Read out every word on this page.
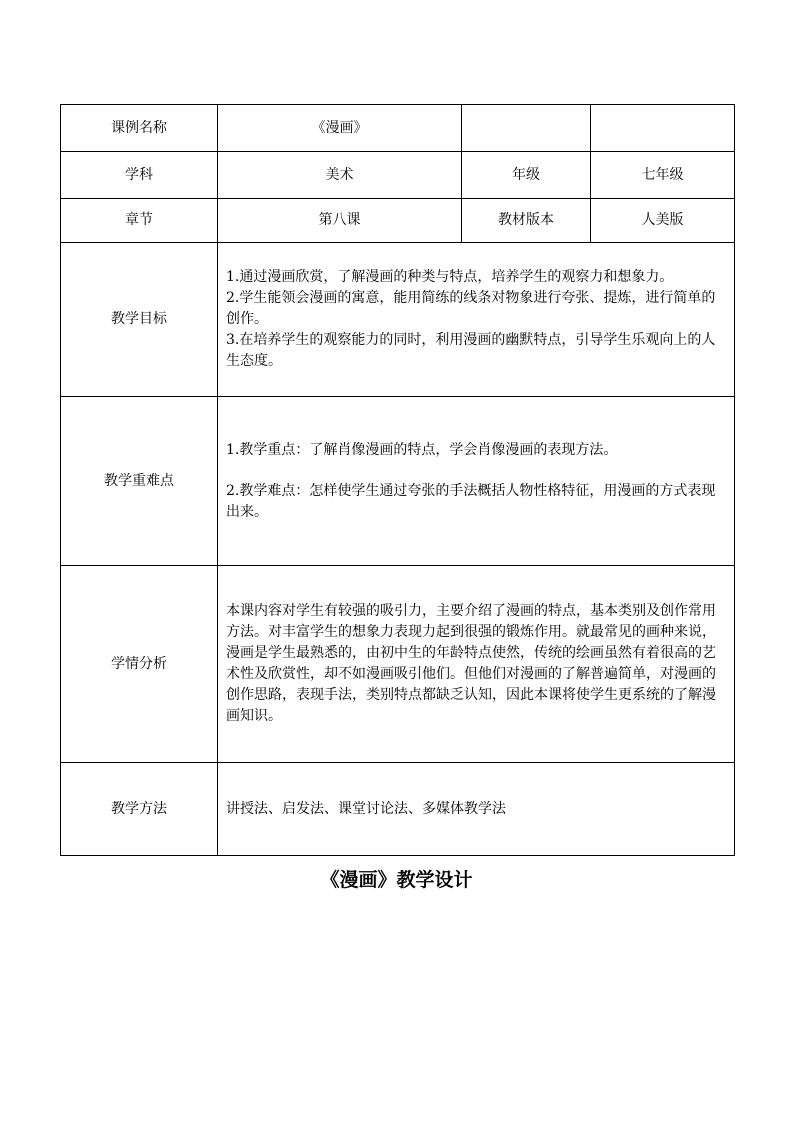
课例名称	《漫画》		
学科	美术	年级	七年级
章节	第八课	教材版本	人美版
教学目标	1.通过漫画欣赏，了解漫画的种类与特点，培养学生的观察力和想象力。
2.学生能领会漫画的寓意，能用简练的线条对物象进行夸张、提炼，进行简单的创作。
3.在培养学生的观察能力的同时，利用漫画的幽默特点，引导学生乐观向上的人生态度。		

教学重难点	1.教学重点：了解肖像漫画的特点，学会肖像漫画的表现方法。
2.教学难点：怎样使学生通过夸张的手法概括人物性格特征，用漫画的方式表现出来。		

学情分析	本课内容对学生有较强的吸引力，主要介绍了漫画的特点，基本类别及创作常用方法。对丰富学生的想象力表现力起到很强的锻炼作用。就最常见的画种来说，漫画是学生最熟悉的，由初中生的年龄特点使然，传统的绘画虽然有着很高的艺术性及欣赏性，却不如漫画吸引他们。但他们对漫画的了解普遍简单，对漫画的创作思路，表现手法，类别特点都缺乏认知，因此本课将使学生更系统的了解漫画知识。		
教学方法	讲授法、启发法、课堂讨论法、多媒体教学法		
《漫画》教学设计
